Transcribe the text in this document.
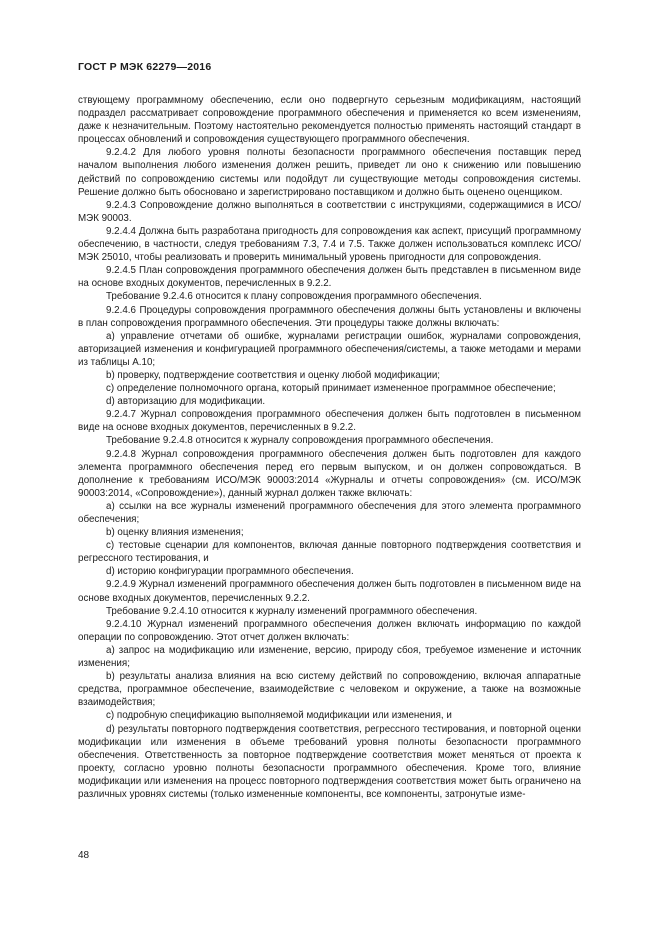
ГОСТ Р МЭК 62279—2016

ствующему программному обеспечению, если оно подвергнуто серьезным модификациям, настоящий подраздел рассматривает сопровождение программного обеспечения и применяется ко всем изменениям, даже к незначительным. Поэтому настоятельно рекомендуется полностью применять настоящий стандарт в процессах обновлений и сопровождения существующего программного обеспечения.

9.2.4.2 Для любого уровня полноты безопасности программного обеспечения поставщик перед началом выполнения любого изменения должен решить, приведет ли оно к снижению или повышению действий по сопровождению системы или подойдут ли существующие методы сопровождения системы. Решение должно быть обосновано и зарегистрировано поставщиком и должно быть оценено оценщиком.

9.2.4.3 Сопровождение должно выполняться в соответствии с инструкциями, содержащимися в ИСО/МЭК 90003.

9.2.4.4 Должна быть разработана пригодность для сопровождения как аспект, присущий программному обеспечению, в частности, следуя требованиям 7.3, 7.4 и 7.5. Также должен использоваться комплекс ИСО/МЭК 25010, чтобы реализовать и проверить минимальный уровень пригодности для сопровождения.

9.2.4.5 План сопровождения программного обеспечения должен быть представлен в письменном виде на основе входных документов, перечисленных в 9.2.2.

Требование 9.2.4.6 относится к плану сопровождения программного обеспечения.

9.2.4.6 Процедуры сопровождения программного обеспечения должны быть установлены и включены в план сопровождения программного обеспечения. Эти процедуры также должны включать:

a) управление отчетами об ошибке, журналами регистрации ошибок, журналами сопровождения, авторизацией изменения и конфигурацией программного обеспечения/системы, а также методами и мерами из таблицы А.10;

b) проверку, подтверждение соответствия и оценку любой модификации;

c) определение полномочного органа, который принимает измененное программное обеспечение;

d) авторизацию для модификации.

9.2.4.7 Журнал сопровождения программного обеспечения должен быть подготовлен в письменном виде на основе входных документов, перечисленных в 9.2.2.

Требование 9.2.4.8 относится к журналу сопровождения программного обеспечения.

9.2.4.8 Журнал сопровождения программного обеспечения должен быть подготовлен для каждого элемента программного обеспечения перед его первым выпуском, и он должен сопровождаться. В дополнение к требованиям ИСО/МЭК 90003:2014 «Журналы и отчеты сопровождения» (см. ИСО/МЭК 90003:2014, «Сопровождение»), данный журнал должен также включать:

a) ссылки на все журналы изменений программного обеспечения для этого элемента программного обеспечения;

b) оценку влияния изменения;

c) тестовые сценарии для компонентов, включая данные повторного подтверждения соответствия и регрессного тестирования, и

d) историю конфигурации программного обеспечения.

9.2.4.9 Журнал изменений программного обеспечения должен быть подготовлен в письменном виде на основе входных документов, перечисленных 9.2.2.

Требование 9.2.4.10 относится к журналу изменений программного обеспечения.

9.2.4.10 Журнал изменений программного обеспечения должен включать информацию по каждой операции по сопровождению. Этот отчет должен включать:

a) запрос на модификацию или изменение, версию, природу сбоя, требуемое изменение и источник изменения;

b) результаты анализа влияния на всю систему действий по сопровождению, включая аппаратные средства, программное обеспечение, взаимодействие с человеком и окружение, а также на возможные взаимодействия;

c) подробную спецификацию выполняемой модификации или изменения, и

d) результаты повторного подтверждения соответствия, регрессного тестирования, и повторной оценки модификации или изменения в объеме требований уровня полноты безопасности программного обеспечения. Ответственность за повторное подтверждение соответствия может меняться от проекта к проекту, согласно уровню полноты безопасности программного обеспечения. Кроме того, влияние модификации или изменения на процесс повторного подтверждения соответствия может быть ограничено на различных уровнях системы (только измененные компоненты, все компоненты, затронутые изме-

48
